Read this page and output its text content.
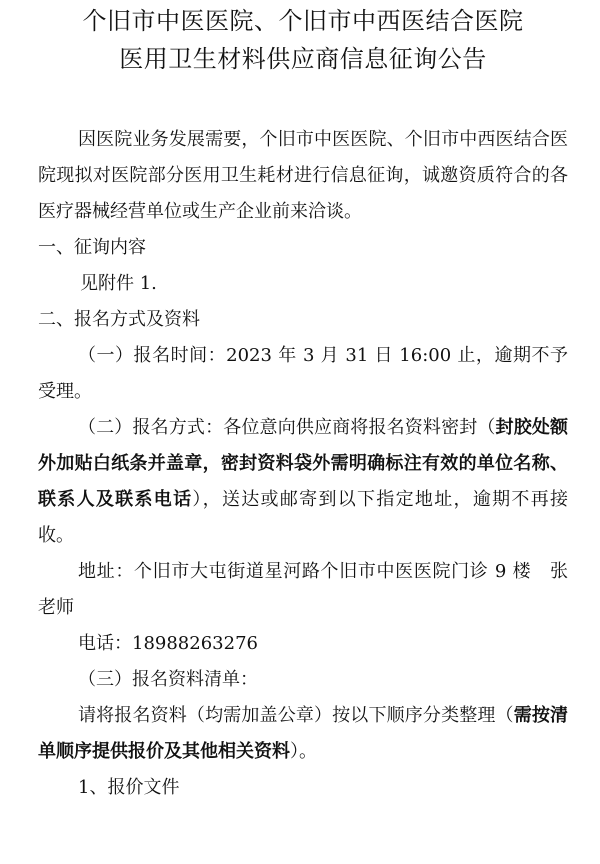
个旧市中医医院、个旧市中西医结合医院
医用卫生材料供应商信息征询公告

因医院业务发展需要，个旧市中医医院、个旧市中西医结合医院现拟对医院部分医用卫生耗材进行信息征询，诚邀资质符合的各医疗器械经营单位或生产企业前来洽谈。

一、征询内容

见附件 1.

二、报名方式及资料

（一）报名时间：2023 年 3 月 31 日 16:00 止，逾期不予受理。

（二）报名方式：各位意向供应商将报名资料密封（封胶处额外加贴白纸条并盖章，密封资料袋外需明确标注有效的单位名称、联系人及联系电话），送达或邮寄到以下指定地址，逾期不再接收。

地址：个旧市大屯街道星河路个旧市中医医院门诊 9 楼　张老师

电话：18988263276

（三）报名资料清单：

请将报名资料（均需加盖公章）按以下顺序分类整理（需按清单顺序提供报价及其他相关资料）。

1、报价文件
